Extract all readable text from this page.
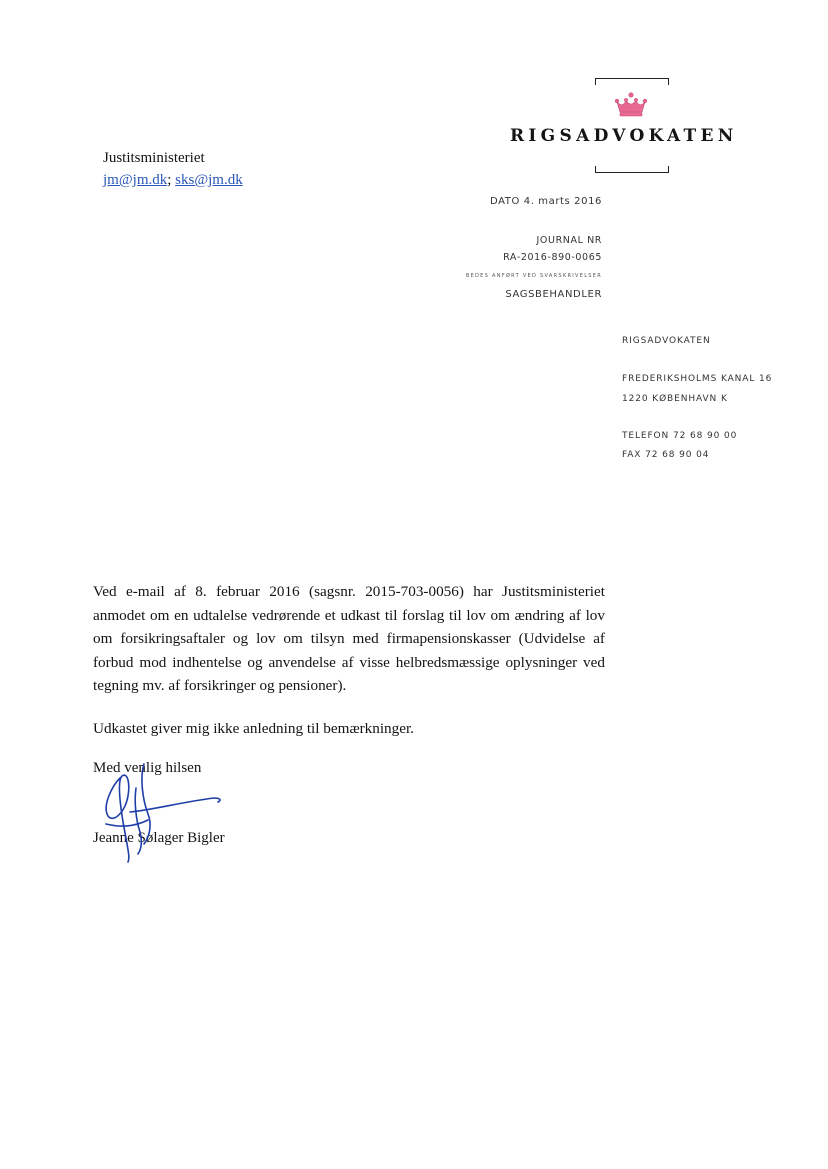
RIGSADVOKATEN
Justitsministeriet
jm@jm.dk; sks@jm.dk
DATO 4. marts 2016
JOURNAL NR
RA-2016-890-0065
BEDES ANFØRT VED SVARSKRIVELSER
SAGSBEHANDLER
RIGSADVOKATEN
FREDERIKSHOLMS KANAL 16
1220 KØBENHAVN K
TELEFON 72 68 90 00
FAX 72 68 90 04
Ved e-mail af 8. februar 2016 (sagsnr. 2015-703-0056) har Justitsministeriet anmodet om en udtalelse vedrørende et udkast til forslag til lov om ændring af lov om forsikringsaftaler og lov om tilsyn med firmapensionskasser (Udvidelse af forbud mod indhentelse og anvendelse af visse helbredsmæssige oplysninger ved tegning mv. af forsikringer og pensioner).
Udkastet giver mig ikke anledning til bemærkninger.
Med venlig hilsen
Jeanne Sølager Bigler
